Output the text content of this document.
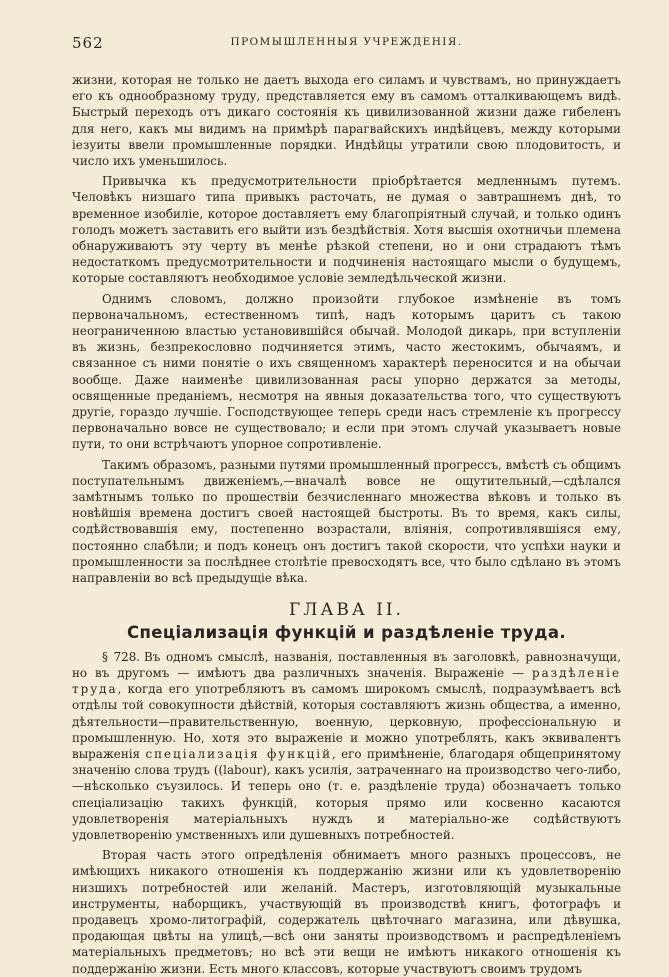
562	ПРОМЫШЛЕННЫЯ УЧРЕЖДЕНІЯ.

жизни, которая не только не даетъ выхода его силамъ и чувствамъ, но принуждаетъ его къ однообразному труду, представляется ему въ самомъ отталкивающемъ видѣ. Быстрый переходъ отъ дикаго состоянія къ цивилизованной жизни даже гибеленъ для него, какъ мы видимъ на примѣрѣ парагвайскихъ индѣйцевъ, между которыми іезуиты ввели промышленные порядки. Индѣйцы утратили свою плодовитость, и число ихъ уменьшилось.

Привычка къ предусмотрительности пріобрѣтается медленнымъ путемъ. Человѣкъ низшаго типа привыкъ расточать, не думая о завтрашнемъ днѣ, то временное изобиліе, которое доставляетъ ему благопріятный случай, и только одинъ голодъ можетъ заставить его выйти изъ бездѣйствія. Хотя высшія охотничьи племена обнаруживаютъ эту черту въ менѣе рѣзкой степени, но и они страдаютъ тѣмъ недостаткомъ предусмотрительности и подчиненія настоящаго мысли о будущемъ, которые составляютъ необходимое условіе земледѣльческой жизни.

Однимъ словомъ, должно произойти глубокое измѣненіе въ томъ первоначальномъ, естественномъ типѣ, надъ которымъ царитъ съ такою неограниченною властью установившійся обычай. Молодой дикарь, при вступленіи въ жизнь, безпрекословно подчиняется этимъ, часто жестокимъ, обычаямъ, и связанное съ ними понятіе о ихъ священномъ характерѣ переносится и на обычаи вообще. Даже наименѣе цивилизованная расы упорно держатся за методы, освященные преданіемъ, несмотря на явныя доказательства того, что существуютъ другіе, гораздо лучшіе. Господствующее теперь среди насъ стремленіе къ прогрессу первоначально вовсе не существовало; и если при этомъ случай указываетъ новые пути, то они встрѣчаютъ упорное сопротивленіе.

Такимъ образомъ, разными путями промышленный прогрессъ, вмѣстѣ съ общимъ поступательнымъ движеніемъ,—вначалѣ вовсе не ощутительный,—сдѣлался замѣтнымъ только по прошествіи безчисленнаго множества вѣковъ и только въ новѣйшія времена достигъ своей настоящей быстроты. Въ то время, какъ силы, содѣйствовавшія ему, постепенно возрастали, вліянія, сопротивлявшіяся ему, постоянно слабѣли; и подъ конецъ онъ достигъ такой скорости, что успѣхи науки и промышленности за послѣднее столѣтіе превосходятъ все, что было сдѣлано въ этомъ направленіи во всѣ предыдущіе вѣка.

ГЛАВА II.
Спеціализація функцій и раздѣленіе труда.

§ 728. Въ одномъ смыслѣ, названія, поставленныя въ заголовкѣ, равнозначущи, но въ другомъ — имѣютъ два различныхъ значенія. Выраженіе — раздѣленіе труда, когда его употребляютъ въ самомъ широкомъ смыслѣ, подразумѣваетъ всѣ отдѣлы той совокупности дѣйствій, которыя составляютъ жизнь общества, а именно, дѣятельности—правительственную, военную, церковную, профессіональную и промышленную. Но, хотя это выраженіе и можно употреблять, какъ эквивалентъ выраженія спеціализація функцій, его примѣненіе, благодаря общепринятому значенію слова трудъ ((labour), какъ усилія, затраченнаго на производство чего-либо,—нѣсколько съузилось. И теперь оно (т. е. раздѣленіе труда) обозначаетъ только спеціализацію такихъ функцій, которыя прямо или косвенно касаются удовлетворенія матеріальныхъ нуждъ и матеріально-же содѣйствуютъ удовлетворенію умственныхъ или душевныхъ потребностей.

Вторая часть этого опредѣленія обнимаетъ много разныхъ процессовъ, не имѣющихъ никакого отношенія къ поддержанію жизни или къ удовлетворенію низшихъ потребностей или желаній. Мастеръ, изготовляющій музыкальные инструменты, наборщикъ, участвующій въ производствѣ книгъ, фотографъ и продавецъ хромо-литографій, содержатель цвѣточнаго магазина, или дѣвушка, продающая цвѣты на улицѣ,—всѣ они заняты производствомъ и распредѣленіемъ матеріальныхъ предметовъ; но всѣ эти вещи не имѣютъ никакого отношенія къ поддержанію жизни. Есть много классовъ, которые участвуютъ своимъ трудомъ
